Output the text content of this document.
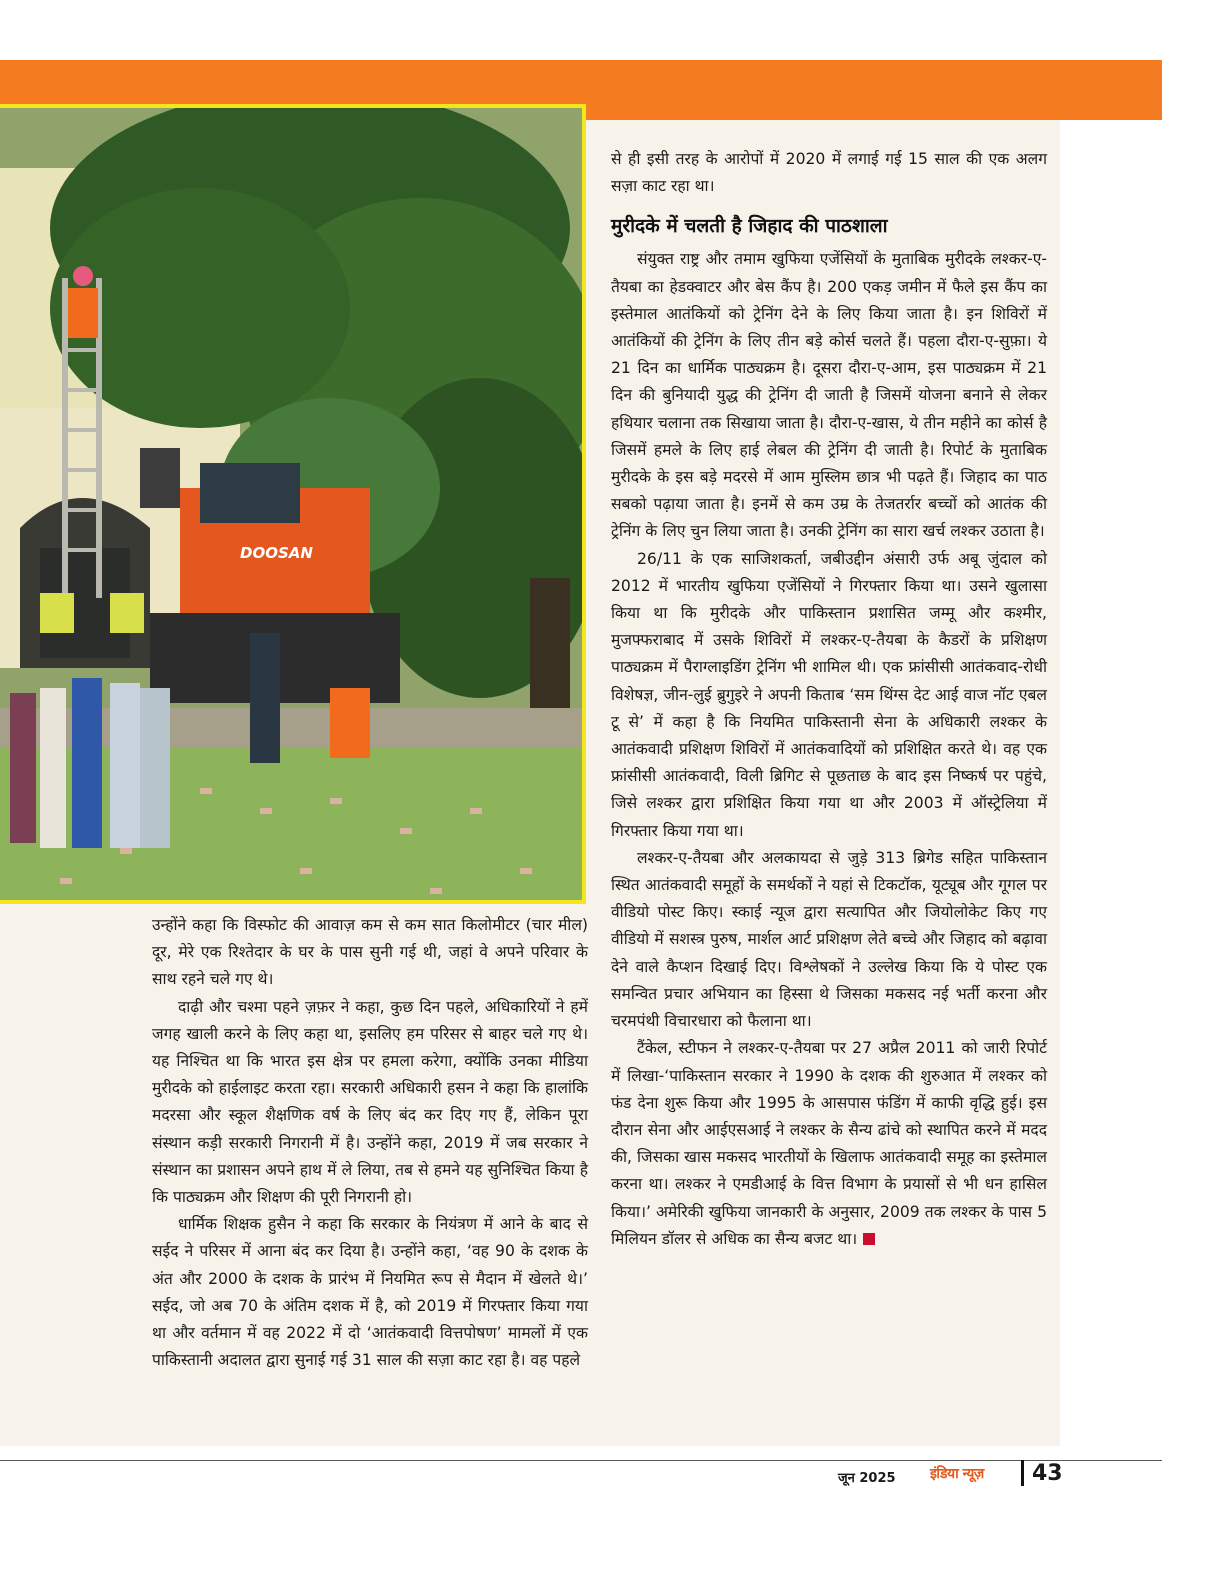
DOOSAN

उन्होंने कहा कि विस्फोट की आवाज़ कम से कम सात किलोमीटर (चार मील) दूर, मेरे एक रिश्तेदार के घर के पास सुनी गई थी, जहां वे अपने परिवार के साथ रहने चले गए थे।

दाढ़ी और चश्मा पहने ज़फ़र ने कहा, कुछ दिन पहले, अधिकारियों ने हमें जगह खाली करने के लिए कहा था, इसलिए हम परिसर से बाहर चले गए थे। यह निश्चित था कि भारत इस क्षेत्र पर हमला करेगा, क्योंकि उनका मीडिया मुरीदके को हाईलाइट करता रहा। सरकारी अधिकारी हसन ने कहा कि हालांकि मदरसा और स्कूल शैक्षणिक वर्ष के लिए बंद कर दिए गए हैं, लेकिन पूरा संस्थान कड़ी सरकारी निगरानी में है। उन्होंने कहा, 2019 में जब सरकार ने संस्थान का प्रशासन अपने हाथ में ले लिया, तब से हमने यह सुनिश्चित किया है कि पाठ्यक्रम और शिक्षण की पूरी निगरानी हो।

धार्मिक शिक्षक हुसैन ने कहा कि सरकार के नियंत्रण में आने के बाद से सईद ने परिसर में आना बंद कर दिया है। उन्होंने कहा, ‘वह 90 के दशक के अंत और 2000 के दशक के प्रारंभ में नियमित रूप से मैदान में खेलते थे।’ सईद, जो अब 70 के अंतिम दशक में है, को 2019 में गिरफ्तार किया गया था और वर्तमान में वह 2022 में दो ‘आतंकवादी वित्तपोषण’ मामलों में एक पाकिस्तानी अदालत द्वारा सुनाई गई 31 साल की सज़ा काट रहा है। वह पहले

से ही इसी तरह के आरोपों में 2020 में लगाई गई 15 साल की एक अलग सज़ा काट रहा था।

मुरीदके में चलती है जिहाद की पाठशाला

संयुक्त राष्ट्र और तमाम खुफिया एजेंसियों के मुताबिक मुरीदके लश्कर-ए-तैयबा का हेडक्वाटर और बेस कैंप है। 200 एकड़ जमीन में फैले इस कैंप का इस्तेमाल आतंकियों को ट्रेनिंग देने के लिए किया जाता है। इन शिविरों में आतंकियों की ट्रेनिंग के लिए तीन बड़े कोर्स चलते हैं। पहला दौरा-ए-सुफ़ा। ये 21 दिन का धार्मिक पाठ्यक्रम है। दूसरा दौरा-ए-आम, इस पाठ्यक्रम में 21 दिन की बुनियादी युद्ध की ट्रेनिंग दी जाती है जिसमें योजना बनाने से लेकर हथियार चलाना तक सिखाया जाता है। दौरा-ए-खास, ये तीन महीने का कोर्स है जिसमें हमले के लिए हाई लेबल की ट्रेनिंग दी जाती है। रिपोर्ट के मुताबिक मुरीदके के इस बड़े मदरसे में आम मुस्लिम छात्र भी पढ़ते हैं। जिहाद का पाठ सबको पढ़ाया जाता है। इनमें से कम उम्र के तेजतर्रार बच्चों को आतंक की ट्रेनिंग के लिए चुन लिया जाता है। उनकी ट्रेनिंग का सारा खर्च लश्कर उठाता है।

26/11 के एक साजिशकर्ता, जबीउद्दीन अंसारी उर्फ अबू जुंदाल को 2012 में भारतीय खुफिया एजेंसियों ने गिरफ्तार किया था। उसने खुलासा किया था कि मुरीदके और पाकिस्तान प्रशासित जम्मू और कश्मीर, मुजफ्फराबाद में उसके शिविरों में लश्कर-ए-तैयबा के कैडरों के प्रशिक्षण पाठ्यक्रम में पैराग्लाइडिंग ट्रेनिंग भी शामिल थी। एक फ्रांसीसी आतंकवाद-रोधी विशेषज्ञ, जीन-लुई ब्रुगुइरे ने अपनी किताब ‘सम थिंग्स देट आई वाज नॉट एबल टू से’ में कहा है कि नियमित पाकिस्तानी सेना के अधिकारी लश्कर के आतंकवादी प्रशिक्षण शिविरों में आतंकवादियों को प्रशिक्षित करते थे। वह एक फ्रांसीसी आतंकवादी, विली ब्रिगिट से पूछताछ के बाद इस निष्कर्ष पर पहुंचे, जिसे लश्कर द्वारा प्रशिक्षित किया गया था और 2003 में ऑस्ट्रेलिया में गिरफ्तार किया गया था।

लश्कर-ए-तैयबा और अलकायदा से जुड़े 313 ब्रिगेड सहित पाकिस्तान स्थित आतंकवादी समूहों के समर्थकों ने यहां से टिकटॉक, यूट्यूब और गूगल पर वीडियो पोस्ट किए। स्काई न्यूज द्वारा सत्यापित और जियोलोकेट किए गए वीडियो में सशस्त्र पुरुष, मार्शल आर्ट प्रशिक्षण लेते बच्चे और जिहाद को बढ़ावा देने वाले कैप्शन दिखाई दिए। विश्लेषकों ने उल्लेख किया कि ये पोस्ट एक समन्वित प्रचार अभियान का हिस्सा थे जिसका मकसद नई भर्ती करना और चरमपंथी विचारधारा को फैलाना था।

टैंकेल, स्टीफन ने लश्कर-ए-तैयबा पर 27 अप्रैल 2011 को जारी रिपोर्ट में लिखा-‘पाकिस्तान सरकार ने 1990 के दशक की शुरुआत में लश्कर को फंड देना शुरू किया और 1995 के आसपास फंडिंग में काफी वृद्धि हुई। इस दौरान सेना और आईएसआई ने लश्कर के सैन्य ढांचे को स्थापित करने में मदद की, जिसका खास मकसद भारतीयों के खिलाफ आतंकवादी समूह का इस्तेमाल करना था। लश्कर ने एमडीआई के वित्त विभाग के प्रयासों से भी धन हासिल किया।’ अमेरिकी खुफिया जानकारी के अनुसार, 2009 तक लश्कर के पास 5 मिलियन डॉलर से अधिक का सैन्य बजट था।

जून 2025 इंडिया न्यूज़ 43
